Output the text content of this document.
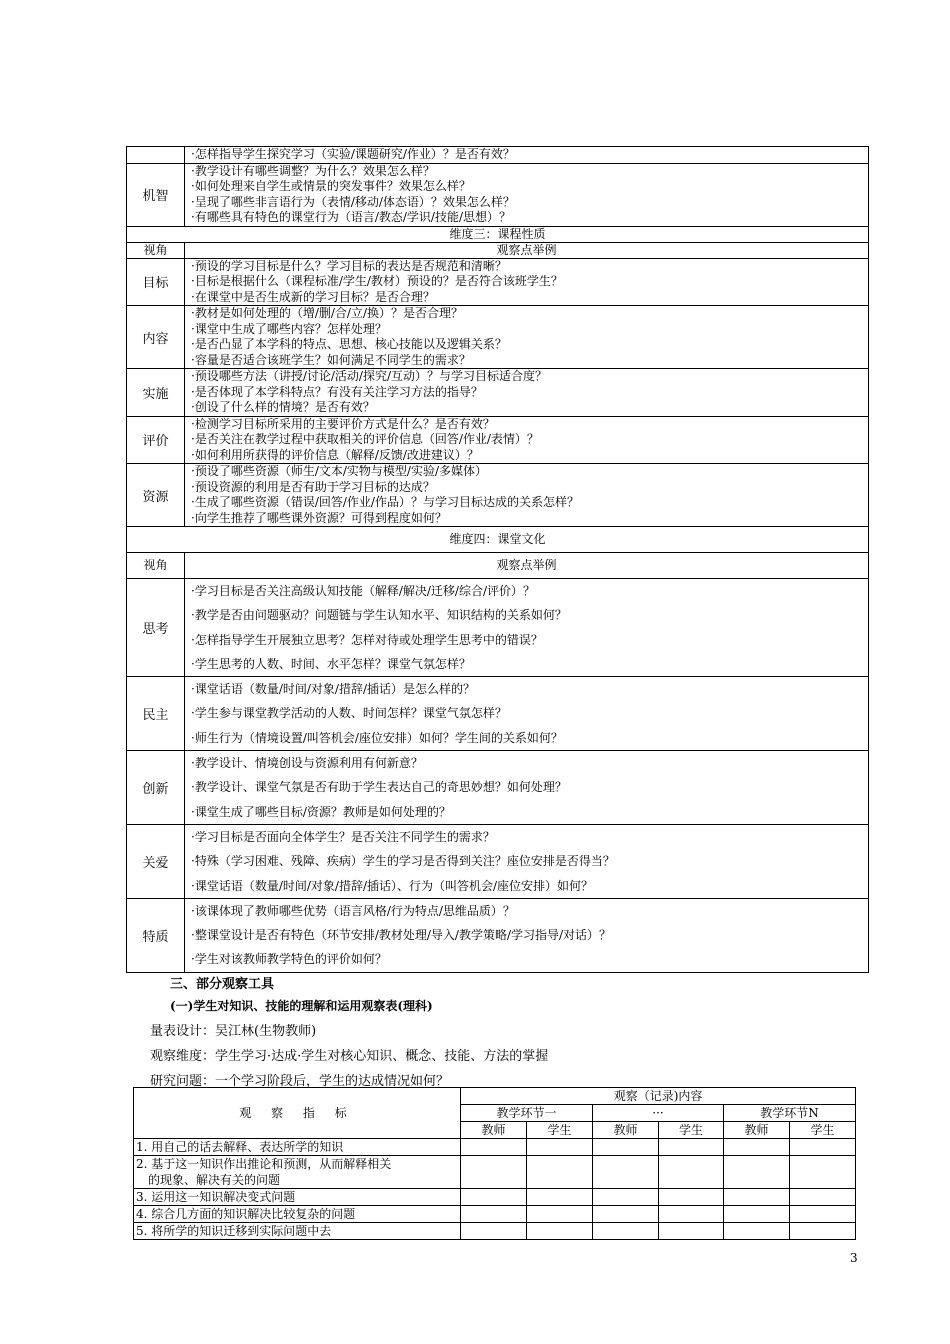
	·怎样指导学生探究学习（实验/课题研究/作业）？是否有效？

机智	·教学设计有哪些调整？为什么？效果怎么样？
·如何处理来自学生或情景的突发事件？效果怎么样？
·呈现了哪些非言语行为（表情/移动/体态语）？效果怎么样？
·有哪些具有特色的课堂行为（语言/教态/学识/技能/思想）？

维度三：课程性质	
视角	观察点举例
目标	·预设的学习目标是什么？学习目标的表达是否规范和清晰？
·目标是根据什么（课程标准/学生/教材）预设的？是否符合该班学生？
·在课堂中是否生成新的学习目标？是否合理？

内容	·教材是如何处理的（增/删/合/立/换）？是否合理？
·课堂中生成了哪些内容？怎样处理？
·是否凸显了本学科的特点、思想、核心技能以及逻辑关系？
·容量是否适合该班学生？如何满足不同学生的需求？

实施	·预设哪些方法（讲授/讨论/活动/探究/互动）？与学习目标适合度？
·是否体现了本学科特点？有没有关注学习方法的指导？
·创设了什么样的情境？是否有效？

评价	·检测学习目标所采用的主要评价方式是什么？是否有效？
·是否关注在教学过程中获取相关的评价信息（回答/作业/表情）？
·如何利用所获得的评价信息（解释/反馈/改进建议）？

资源	·预设了哪些资源（师生/文本/实物与模型/实验/多媒体）
·预设资源的利用是否有助于学习目标的达成？
·生成了哪些资源（错误/回答/作业/作品）？与学习目标达成的关系怎样？
·向学生推荐了哪些课外资源？可得到程度如何？

维度四：课堂文化	
视角	观察点举例
思考	·学习目标是否关注高级认知技能（解释/解决/迁移/综合/评价）？
·教学是否由问题驱动？问题链与学生认知水平、知识结构的关系如何？
·怎样指导学生开展独立思考？怎样对待或处理学生思考中的错误？
·学生思考的人数、时间、水平怎样？课堂气氛怎样？

民主	·课堂话语（数量/时间/对象/措辞/插话）是怎么样的？
·学生参与课堂教学活动的人数、时间怎样？课堂气氛怎样？
·师生行为（情境设置/叫答机会/座位安排）如何？学生间的关系如何？

创新	·教学设计、情境创设与资源利用有何新意？
·教学设计、课堂气氛是否有助于学生表达自己的奇思妙想？如何处理？
·课堂生成了哪些目标/资源？教师是如何处理的？

关爱	·学习目标是否面向全体学生？是否关注不同学生的需求？
·特殊（学习困难、残障、疾病）学生的学习是否得到关注？座位安排是否得当？
·课堂话语（数量/时间/对象/措辞/插话）、行为（叫答机会/座位安排）如何？

特质	·该课体现了教师哪些优势（语言风格/行为特点/思维品质）？
·整课堂设计是否有特色（环节安排/教材处理/导入/教学策略/学习指导/对话）？
·学生对该教师教学特色的评价如何？
三、部分观察工具
(一)学生对知识、技能的理解和运用观察表(理科)
量表设计：吴江林(生物教师)
观察维度：学生学习·达成·学生对核心知识、概念、技能、方法的掌握
研究问题：一个学习阶段后，学生的达成情况如何？
观 察 指 标	观察（记录)内容					
	教学环节一		···		教学环节N	
	教师	学生	教师	学生	教师	学生

1. 用自己的话去解释、表达所学的知识						

2. 基于这一知识作出推论和预测，从而解释相关
的现象、解决有关的问题						

3. 运用这一知识解决变式问题						

4. 综合几方面的知识解决比较复杂的问题						

5. 将所学的知识迁移到实际问题中去						

3
